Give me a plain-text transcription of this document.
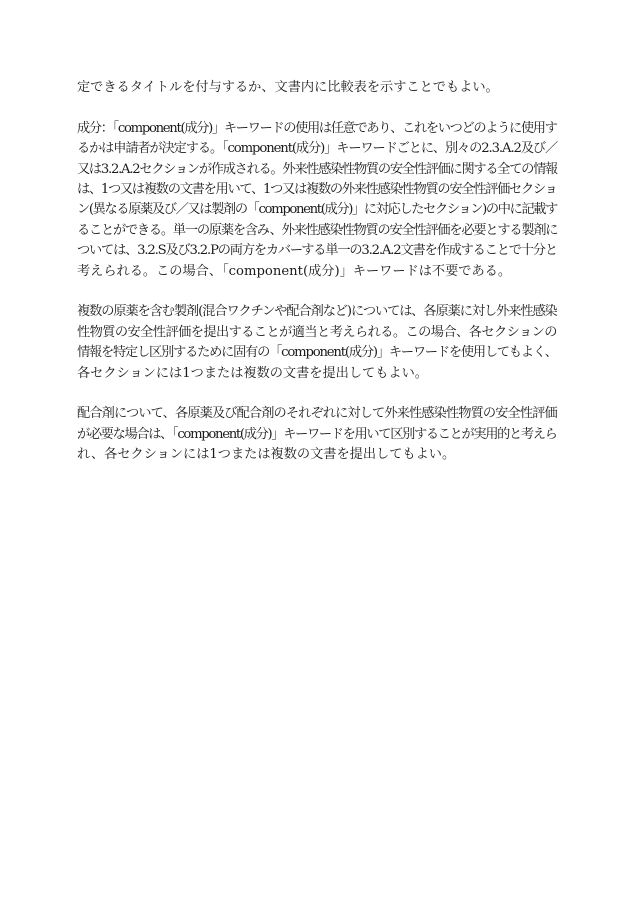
定できるタイトルを付与するか、文書内に比較表を示すことでもよい。
成分：「component(成分)」キーワードの使用は任意であり、これをいつどのように使用す
るかは申請者が決定する。「component(成分)」キーワードごとに、別々の2.3.A.2及び／
又は3.2.A.2セクションが作成される。外来性感染性物質の安全性評価に関する全ての情報
は、1つ又は複数の文書を用いて、1つ又は複数の外来性感染性物質の安全性評価セクショ
ン(異なる原薬及び／又は製剤の「component(成分)」に対応したセクション)の中に記載す
ることができる。単一の原薬を含み、外来性感染性物質の安全性評価を必要とする製剤に
ついては、3.2.S及び3.2.Pの両方をカバーする単一の3.2.A.2文書を作成することで十分と
考えられる。この場合、「component(成分)」キーワードは不要である。
複数の原薬を含む製剤(混合ワクチンや配合剤など)については、各原薬に対し外来性感染
性物質の安全性評価を提出することが適当と考えられる。この場合、各セクションの
情報を特定し区別するために固有の「component(成分)」キーワードを使用してもよく、
各セクションには1つまたは複数の文書を提出してもよい。
配合剤について、各原薬及び配合剤のそれぞれに対して外来性感染性物質の安全性評価
が必要な場合は、「component(成分)」キーワードを用いて区別することが実用的と考えら
れ、各セクションには1つまたは複数の文書を提出してもよい。
